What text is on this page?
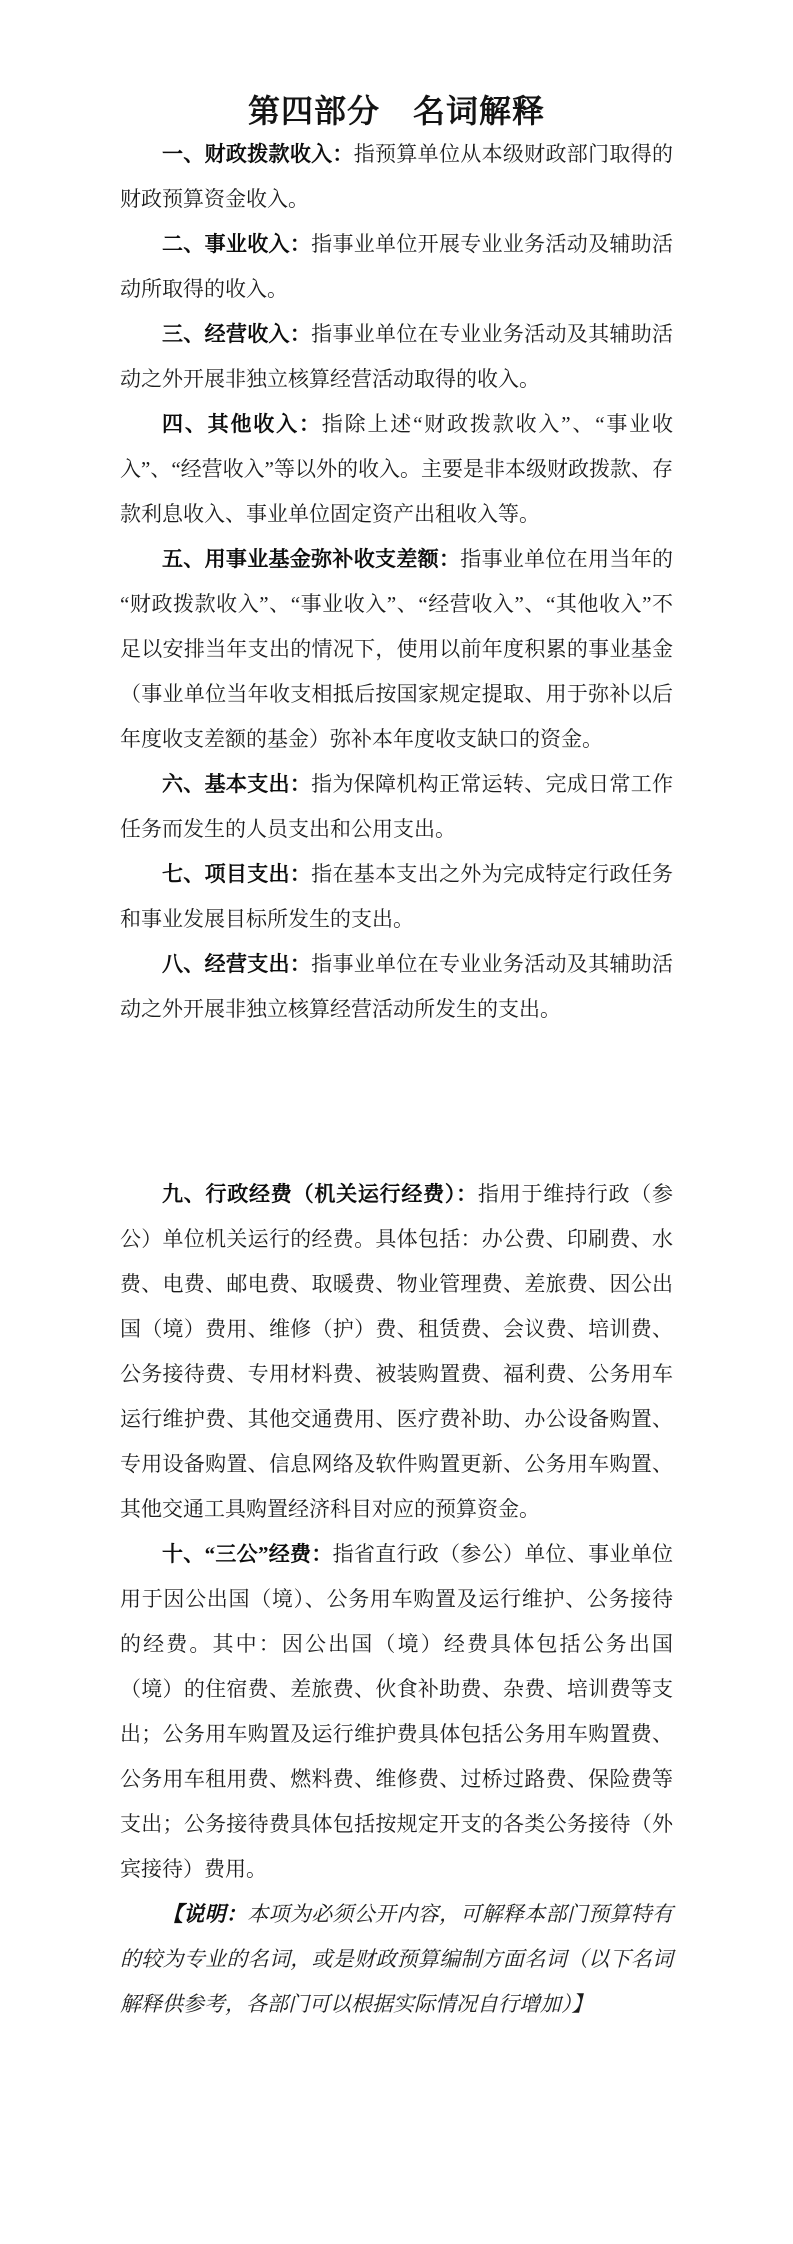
第四部分　名词解释

一、财政拨款收入：指预算单位从本级财政部门取得的财政预算资金收入。

二、事业收入：指事业单位开展专业业务活动及辅助活动所取得的收入。

三、经营收入：指事业单位在专业业务活动及其辅助活动之外开展非独立核算经营活动取得的收入。

四、其他收入：指除上述“财政拨款收入”、“事业收入”、“经营收入”等以外的收入。主要是非本级财政拨款、存款利息收入、事业单位固定资产出租收入等。

五、用事业基金弥补收支差额：指事业单位在用当年的“财政拨款收入”、“事业收入”、“经营收入”、“其他收入”不足以安排当年支出的情况下，使用以前年度积累的事业基金（事业单位当年收支相抵后按国家规定提取、用于弥补以后年度收支差额的基金）弥补本年度收支缺口的资金。

六、基本支出：指为保障机构正常运转、完成日常工作任务而发生的人员支出和公用支出。

七、项目支出：指在基本支出之外为完成特定行政任务和事业发展目标所发生的支出。

八、经营支出：指事业单位在专业业务活动及其辅助活动之外开展非独立核算经营活动所发生的支出。

九、行政经费（机关运行经费）：指用于维持行政（参公）单位机关运行的经费。具体包括：办公费、印刷费、水费、电费、邮电费、取暖费、物业管理费、差旅费、因公出国（境）费用、维修（护）费、租赁费、会议费、培训费、公务接待费、专用材料费、被装购置费、福利费、公务用车运行维护费、其他交通费用、医疗费补助、办公设备购置、专用设备购置、信息网络及软件购置更新、公务用车购置、其他交通工具购置经济科目对应的预算资金。

十、“三公”经费：指省直行政（参公）单位、事业单位用于因公出国（境）、公务用车购置及运行维护、公务接待的经费。其中：因公出国（境）经费具体包括公务出国（境）的住宿费、差旅费、伙食补助费、杂费、培训费等支出；公务用车购置及运行维护费具体包括公务用车购置费、公务用车租用费、燃料费、维修费、过桥过路费、保险费等支出；公务接待费具体包括按规定开支的各类公务接待（外宾接待）费用。

【说明：本项为必须公开内容，可解释本部门预算特有的较为专业的名词，或是财政预算编制方面名词（以下名词解释供参考，各部门可以根据实际情况自行增加）】
